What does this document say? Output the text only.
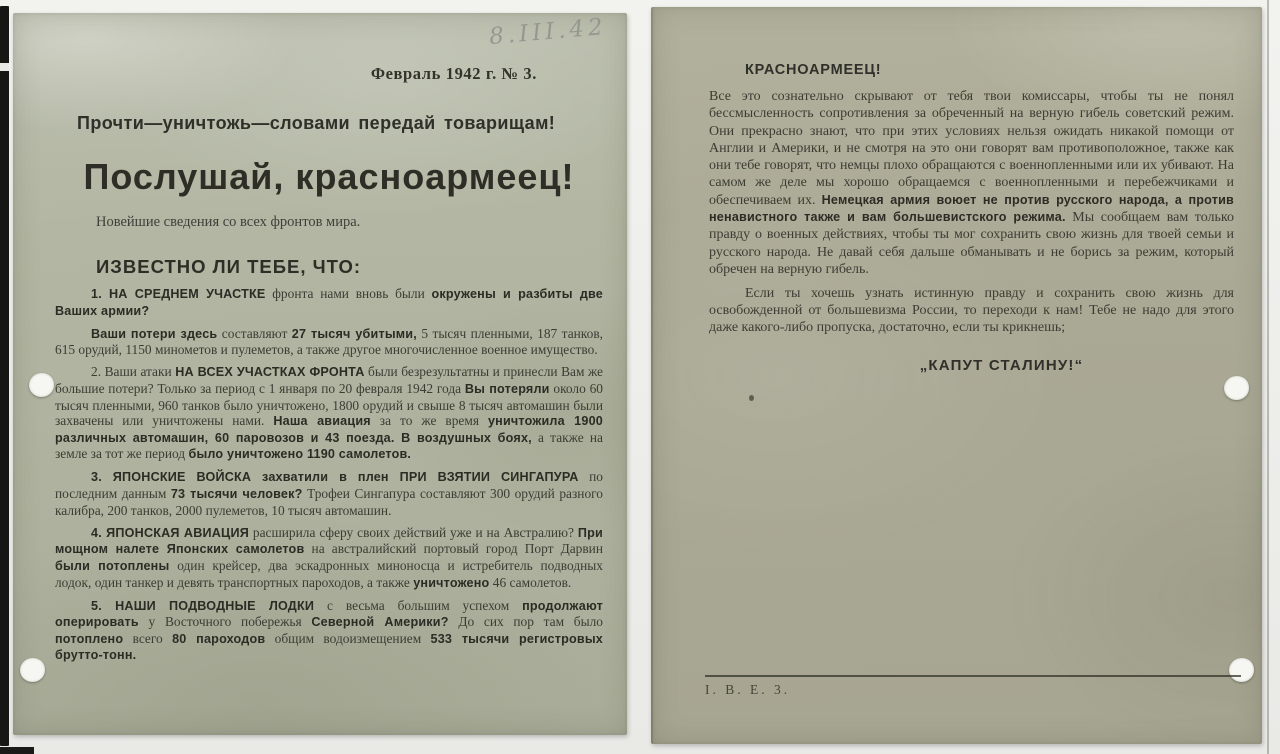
8.III.42
Февраль 1942 г. № 3.
Прочти—уничтожь—словами передай товарищам!
Послушай, красноармеец!
Новейшие сведения со всех фронтов мира.
ИЗВЕСТНО ЛИ ТЕБЕ, ЧТО:

1. НА СРЕДНЕМ УЧАСТКЕ фронта нами вновь были окружены и разбиты две Ваших армии?

Ваши потери здесь составляют 27 тысяч убитыми, 5 тысяч пленными, 187 танков, 615 орудий, 1150 минометов и пулеметов, а также другое многочисленное военное имущество.

2. Ваши атаки НА ВСЕХ УЧАСТКАХ ФРОНТА были безрезультатны и принесли Вам же большие потери? Только за период с 1 января по 20 февраля 1942 года Вы потеряли около 60 тысяч пленными, 960 танков было уничтожено, 1800 орудий и свыше 8 тысяч автомашин были захвачены или уничтожены нами. Наша авиация за то же время уничтожила 1900 различных автомашин, 60 паровозов и 43 поезда. В воздушных боях, а также на земле за тот же период было уничтожено 1190 самолетов.

3. ЯПОНСКИЕ ВОЙСКА захватили в плен ПРИ ВЗЯТИИ СИНГАПУРА по последним данным 73 тысячи человек? Трофеи Сингапура составляют 300 орудий разного калибра, 200 танков, 2000 пулеметов, 10 тысяч автомашин.

4. ЯПОНСКАЯ АВИАЦИЯ расширила сферу своих действий уже и на Австралию? При мощном налете Японских самолетов на австралийский портовый город Порт Дарвин были потоплены один крейсер, два эскадронных миноносца и истребитель подводных лодок, один танкер и девять транспортных пароходов, а также уничтожено 46 самолетов.

5. НАШИ ПОДВОДНЫЕ ЛОДКИ с весьма большим успехом продолжают оперировать у Восточного побережья Северной Америки? До сих пор там было потоплено всего 80 пароходов общим водоизмещением 533 тысячи регистровых брутто-тонн.

КРАСНОАРМЕЕЦ!

Все это сознательно скрывают от тебя твои комиссары, чтобы ты не понял бессмысленность сопротивления за обреченный на верную гибель советский режим. Они прекрасно знают, что при этих условиях нельзя ожидать никакой помощи от Англии и Америки, и не смотря на это они говорят вам противоположное, также как они тебе говорят, что немцы плохо обращаются с военнопленными или их убивают. На самом же деле мы хорошо обращаемся с военнопленными и перебежчиками и обеспечиваем их. Немецкая армия воюет не против русского народа, а против ненавистного также и вам большевистского режима. Мы сообщаем вам только правду о военных действиях, чтобы ты мог сохранить свою жизнь для твоей семьи и русского народа. Не давай себя дальше обманывать и не борись за режим, который обречен на верную гибель.

Если ты хочешь узнать истинную правду и сохранить свою жизнь для освобожденной от большевизма России, то переходи к нам! Тебе не надо для этого даже какого-либо пропуска, достаточно, если ты крикнешь;

„КАПУТ СТАЛИНУ!“
І. В. Е. 3.
